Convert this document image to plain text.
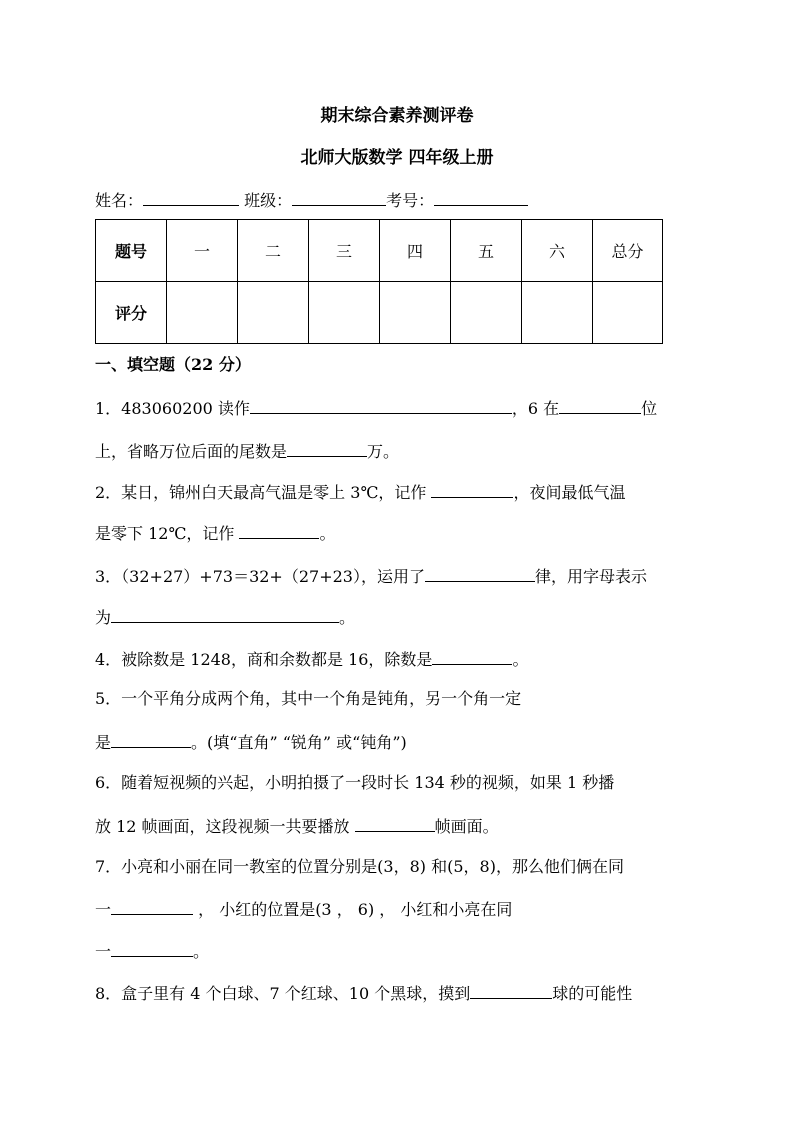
期末综合素养测评卷
北师大版数学 四年级上册
姓名：	班级：	考号：
题号	一	二	三	四	五	六	总分
评分							
一、填空题（22 分）
1．483060200 读作	，6 在	位
上，省略万位后面的尾数是	万。
2．某日，锦州白天最高气温是零上 3℃，记作	，夜间最低气温
是零下 12℃，记作	。
3．（32+27）+73＝32+（27+23），运用了	律，用字母表示
为	。
4．被除数是 1248，商和余数都是 16，除数是	。
5．一个平角分成两个角，其中一个角是钝角，另一个角一定
是	。(填“直角” “锐角” 或“钝角”)
6．随着短视频的兴起，小明拍摄了一段时长 134 秒的视频，如果 1 秒播
放 12 帧画面，这段视频一共要播放	帧画面。
7．小亮和小丽在同一教室的位置分别是(3，8) 和(5，8)，那么他们俩在同
一	， 小红的位置是(3 ， 6) ， 小红和小亮在同
一	。
8．盒子里有 4 个白球、7 个红球、10 个黑球，摸到	球的可能性
